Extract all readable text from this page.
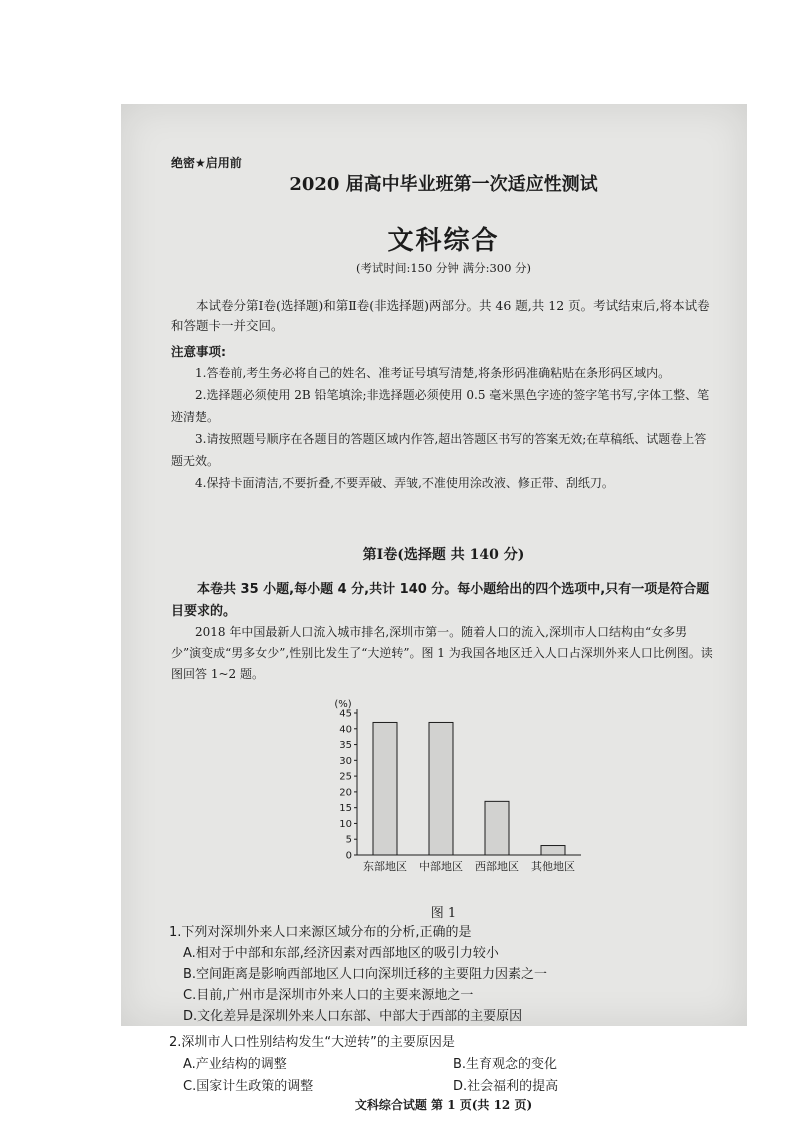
绝密★启用前
2020 届高中毕业班第一次适应性测试
文科综合
(考试时间:150 分钟 满分:300 分)
本试卷分第Ⅰ卷(选择题)和第Ⅱ卷(非选择题)两部分。共 46 题,共 12 页。考试结束后,将本试卷和答题卡一并交回。
注意事项:

1.答卷前,考生务必将自己的姓名、准考证号填写清楚,将条形码准确粘贴在条形码区域内。

2.选择题必须使用 2B 铅笔填涂;非选择题必须使用 0.5 毫米黑色字迹的签字笔书写,字体工整、笔迹清楚。

3.请按照题号顺序在各题目的答题区域内作答,超出答题区书写的答案无效;在草稿纸、试题卷上答题无效。

4.保持卡面清洁,不要折叠,不要弄破、弄皱,不准使用涂改液、修正带、刮纸刀。

第Ⅰ卷(选择题 共 140 分)
本卷共 35 小题,每小题 4 分,共计 140 分。每小题给出的四个选项中,只有一项是符合题目要求的。
2018 年中国最新人口流入城市排名,深圳市第一。随着人口的流入,深圳市人口结构由“女多男少”演变成“男多女少”,性别比发生了“大逆转”。图 1 为我国各地区迁入人口占深圳外来人口比例图。读图回答 1~2 题。
(%)
0
5
10
15
20
25
30
35
40
45
东部地区 中部地区 西部地区 其他地区
图 1
1.下列对深圳外来人口来源区域分布的分析,正确的是
A.相对于中部和东部,经济因素对西部地区的吸引力较小
B.空间距离是影响西部地区人口向深圳迁移的主要阻力因素之一
C.目前,广州市是深圳市外来人口的主要来源地之一
D.文化差异是深圳外来人口东部、中部大于西部的主要原因
2.深圳市人口性别结构发生“大逆转”的主要原因是
A.产业结构的调整	B.生育观念的变化
C.国家计生政策的调整	D.社会福利的提高
文科综合试题 第 1 页(共 12 页)
